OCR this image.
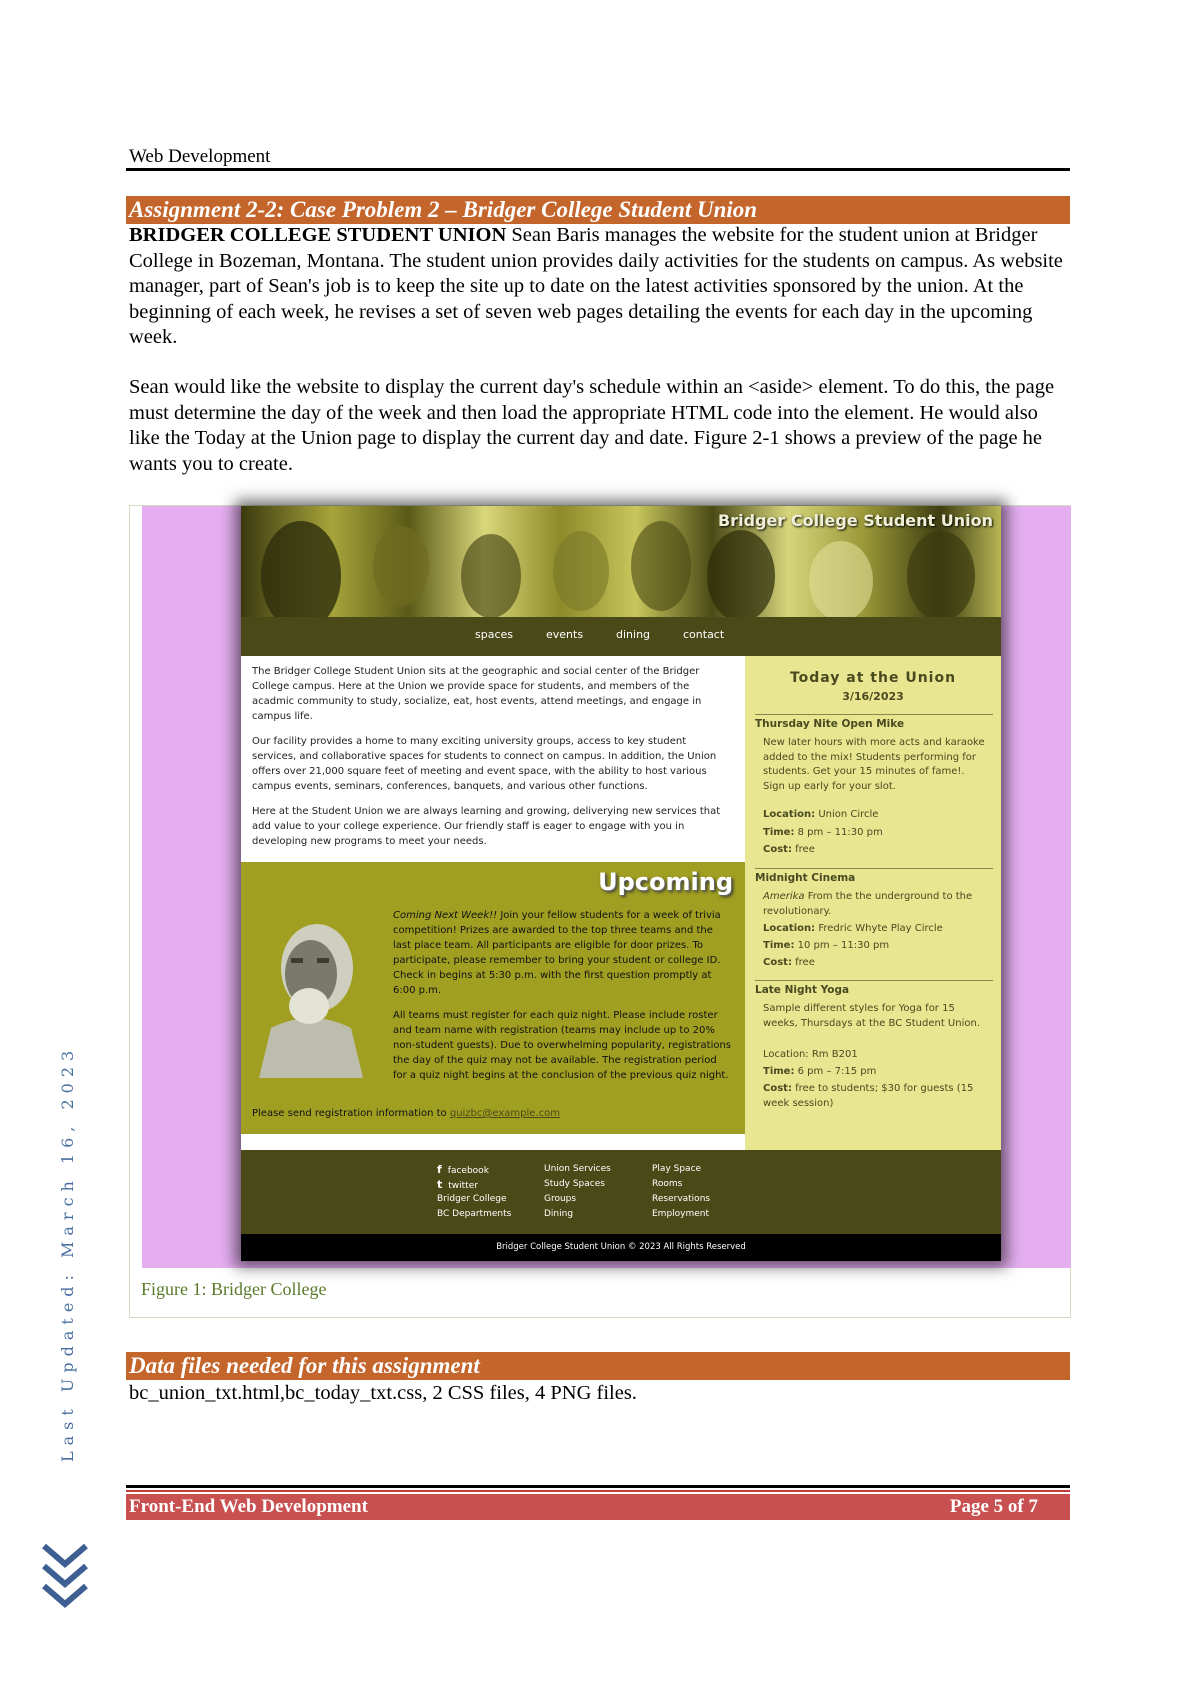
Web Development
Assignment 2-2: Case Problem 2 – Bridger College Student Union

BRIDGER COLLEGE STUDENT UNION Sean Baris manages the website for the student union at Bridger College in Bozeman, Montana. The student union provides daily activities for the students on campus. As website manager, part of Sean's job is to keep the site up to date on the latest activities sponsored by the union. At the beginning of each week, he revises a set of seven web pages detailing the events for each day in the upcoming week.

Sean would like the website to display the current day's schedule within an <aside> element. To do this, the page must determine the day of the week and then load the appropriate HTML code into the element. He would also like the Today at the Union page to display the current day and date. Figure 2-1 shows a preview of the page he wants you to create.

Bridger College Student Union
spaces	events	dining	contact

The Bridger College Student Union sits at the geographic and social center of the Bridger College campus. Here at the Union we provide space for students, and members of the acadmic community to study, socialize, eat, host events, attend meetings, and engage in campus life.

Our facility provides a home to many exciting university groups, access to key student services, and collaborative spaces for students to connect on campus. In addition, the Union offers over 21,000 square feet of meeting and event space, with the ability to host various campus events, seminars, conferences, banquets, and various other functions.

Here at the Student Union we are always learning and growing, deliverying new services that add value to your college experience. Our friendly staff is eager to engage with you in developing new programs to meet your needs.

Upcoming

Coming Next Week!! Join your fellow students for a week of trivia competition! Prizes are awarded to the top three teams and the last place team. All participants are eligible for door prizes. To participate, please remember to bring your student or college ID. Check in begins at 5:30 p.m. with the first question promptly at 6:00 p.m.

All teams must register for each quiz night. Please include roster and team name with registration (teams may include up to 20% non-student guests). Due to overwhelming popularity, registrations the day of the quiz may not be available. The registration period for a quiz night begins at the conclusion of the previous quiz night.

Please send registration information to quizbc@example.com
Today at the Union
3/16/2023
Thursday Nite Open Mike
New later hours with more acts and karaoke added to the mix! Students performing for students. Get your 15 minutes of fame!. Sign up early for your slot.
Location: Union Circle
Time: 8 pm – 11:30 pm
Cost: free
Midnight Cinema
Amerika From the the underground to the revolutionary.
Location: Fredric Whyte Play Circle
Time: 10 pm – 11:30 pm
Cost: free
Late Night Yoga
Sample different styles for Yoga for 15 weeks, Thursdays at the BC Student Union.
Location: Rm B201
Time: 6 pm – 7:15 pm
Cost: free to students; $30 for guests (15 week session)
f facebook
t twitter
Bridger College
BC Departments
Union Services
Study Spaces
Groups
Dining
Play Space
Rooms
Reservations
Employment
Bridger College Student Union © 2023 All Rights Reserved
Figure 1: Bridger College
Data files needed for this assignment

bc_union_txt.html,bc_today_txt.css, 2 CSS files, 4 PNG files.

Last Updated: March 16, 2023
Front-End Web Development	Page 5 of 7
